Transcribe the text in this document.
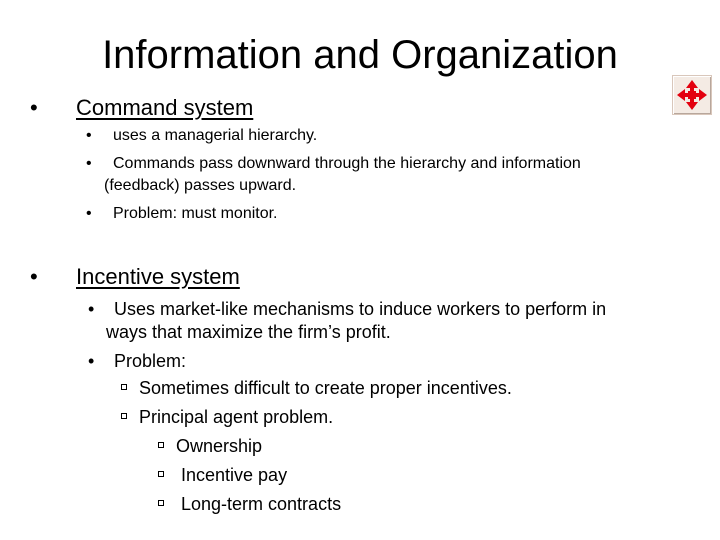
Information and Organization
• Command system
• uses a managerial hierarchy.
• Commands pass downward through the hierarchy and information
(feedback) passes upward.
• Problem: must monitor.
• Incentive system
• Uses market-like mechanisms to induce workers to perform in
ways that maximize the firm’s profit.
• Problem:
Sometimes difficult to create proper incentives.
Principal agent problem.
Ownership
Incentive pay
Long-term contracts
